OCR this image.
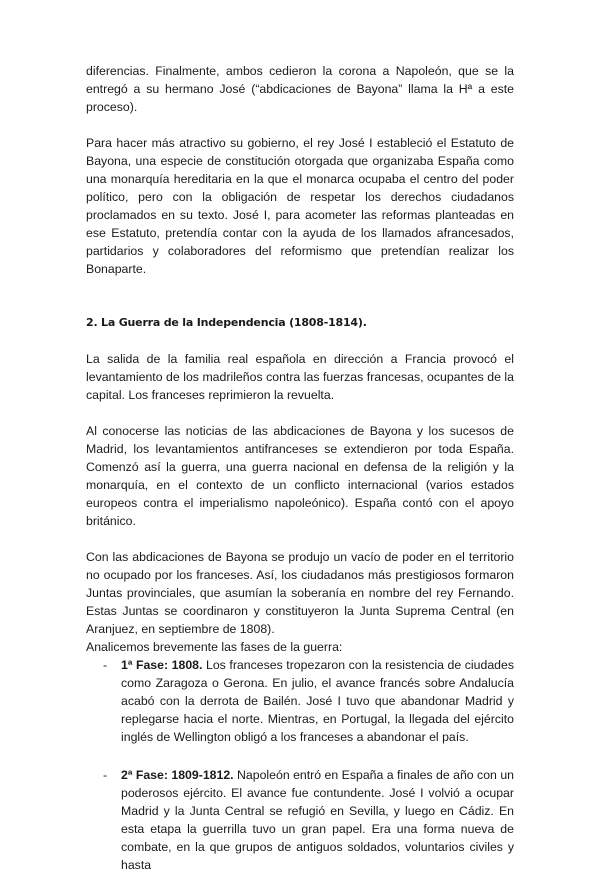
diferencias. Finalmente, ambos cedieron la corona a Napoleón, que se la entregó a su hermano José (“abdicaciones de Bayona” llama la Hª a este proceso).

Para hacer más atractivo su gobierno, el rey José I estableció el Estatuto de Bayona, una especie de constitución otorgada que organizaba España como una monarquía hereditaria en la que el monarca ocupaba el centro del poder político, pero con la obligación de respetar los derechos ciudadanos proclamados en su texto. José I, para acometer las reformas planteadas en ese Estatuto, pretendía contar con la ayuda de los llamados afrancesados, partidarios y colaboradores del reformismo que pretendían realizar los Bonaparte.

2. La Guerra de la Independencia (1808-1814).

La salida de la familia real española en dirección a Francia provocó el levantamiento de los madrileños contra las fuerzas francesas, ocupantes de la capital. Los franceses reprimieron la revuelta.

Al conocerse las noticias de las abdicaciones de Bayona y los sucesos de Madrid, los levantamientos antifranceses se extendieron por toda España. Comenzó así la guerra, una guerra nacional en defensa de la religión y la monarquía, en el contexto de un conflicto internacional (varios estados europeos contra el imperialismo napoleónico). España contó con el apoyo británico.

Con las abdicaciones de Bayona se produjo un vacío de poder en el territorio no ocupado por los franceses. Así, los ciudadanos más prestigiosos formaron Juntas provinciales, que asumían la soberanía en nombre del rey Fernando. Estas Juntas se coordinaron y constituyeron la Junta Suprema Central (en Aranjuez, en septiembre de 1808).

Analicemos brevemente las fases de la guerra:

- 1ª Fase: 1808. Los franceses tropezaron con la resistencia de ciudades como Zaragoza o Gerona. En julio, el avance francés sobre Andalucía acabó con la derrota de Bailén. José I tuvo que abandonar Madrid y replegarse hacia el norte. Mientras, en Portugal, la llegada del ejército inglés de Wellington obligó a los franceses a abandonar el país.

- 2ª Fase: 1809-1812. Napoleón entró en España a finales de año con un poderosos ejército. El avance fue contundente. José I volvió a ocupar Madrid y la Junta Central se refugió en Sevilla, y luego en Cádiz. En esta etapa la guerrilla tuvo un gran papel. Era una forma nueva de combate, en la que grupos de antiguos soldados, voluntarios civiles y hasta
